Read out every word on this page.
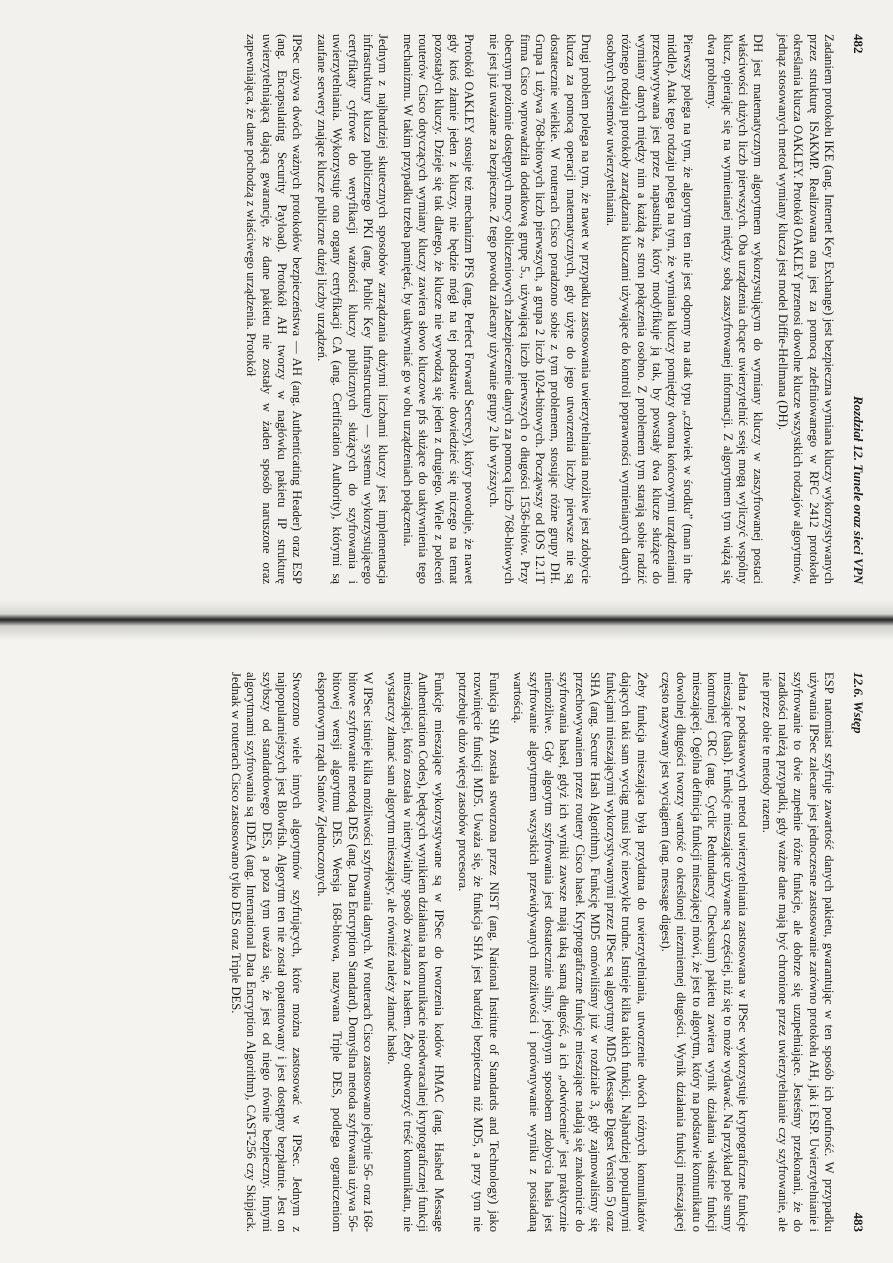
482
Rozdział 12. Tunele oraz sieci VPN

Zadaniem protokołu IKE (ang. Internet Key Exchange) jest bezpieczna wymiana kluczy wykorzystywanych przez strukturę ISAKMP. Realizowana ona jest za pomocą zdefiniowanego w RFC 2412 protokołu określania klucza OAKLEY. Protokół OAKLEY przenosi dowolne klucze wszystkich rodzajów algorytmów, jednąz stosowanych metod wymiany klucza jest model Diffie-Hellmana (DH).

DH jest matematycznym algorytmem wykorzystującym do wymiany kluczy w zaszyfrowanej postaci właściwości dużych liczb pierwszych. Oba urządzenia chcące uwierzytelnić sesję mogą wyliczyć wspólny klucz, opierając się na wymienianej między sobą zaszyfrowanej informacji. Z algorytmem tym wiążą się dwa problemy.

Pierwszy polega na tym, że algorytm ten nie jest odporny na atak typu „człowiek w środku” (man in the middle). Atak tego rodzaju polega na tym, że wymiana kluczy pomiędzy dwoma końcowymi urządzeniami przechwytywana jest przez napastnika, który modyfikuje ją tak, by powstały dwa klucze służące do wymiany danych między nim a każdą ze stron połączenia osobno. Z problemem tym starają sobie radzić różnego rodzaju protokoły zarządzania kluczami używające do kontroli poprawności wymienianych danych osobnych systemów uwierzytelniania.

Drugi problem polega na tym, że nawet w przypadku zastosowania uwierzytelniania możliwe jest zdobycie klucza za pomocą operacji matematycznych, gdy użyte do jego utworzenia liczby pierwsze nie są dostatecznie wielkie. W routerach Cisco poradzono sobie z tym problemem, stosując różne grupy DH. Grupa 1 używa 768-bitowych liczb pierwszych, a grupa 2 liczb 1024-bitowych. Począwszy od IOS 12.1T firma Cisco wprowadziła dodatkową grupę 5., używającą liczb pierwszych o długości 1536-bitów. Przy obecnym poziomie dostępnych mocy obliczeniowych zabezpieczenie danych za pomocą liczb 768-bitowych nie jest już uważane za bezpieczne. Z tego powodu zalecany używanie grupy 2 lub wyższych.

Protokół OAKLEY stosuje też mechanizm PFS (ang. Perfect Forward Secrecy), który powoduje, że nawet gdy ktoś złamie jeden z kluczy, nie będzie mógł na tej podstawie dowiedzieć się niczego na temat pozostałych kluczy. Dzieje się tak dlatego, że klucze nie wywodzą się jeden z drugiego. Wiele z poleceń routerów Cisco dotyczących wymiany kluczy zawiera słowo kluczowe pfs służące do uaktywnienia tego mechanizmu. W takim przypadku trzeba pamiętać, by uaktywniać go w obu urządzeniach połączenia.

Jednym z najbardziej skutecznych sposobów zarządzania dużymi liczbami kluczy jest implementacja infrastruktury klucza publicznego PKI (ang. Public Key Infrastructure) — systemu wykorzystującego certyfikaty cyfrowe do weryfikacji ważności kluczy publicznych służących do szyfrowania i uwierzytelniania. Wykorzystuje ona organy certyfikacji CA (ang. Certification Authority), którymi są zaufane serwery znające klucze publiczne dużej liczby urządzeń.

IPSec używa dwóch ważnych protokołów bezpieczeństwa — AH (ang. Authenticating Header) oraz ESP (ang. Encapsulating Security Payload). Protokół AH tworzy w nagłówku pakietu IP strukturę uwierzytelniającą dającą gwarancję, że dane pakietu nie zostały w żaden sposób naruszone oraz zapewniająca, że dane pochodzą z właściwego urządzenia. Protokół

12.6. Wstęp
483

ESP natomiast szyfruje zawartość danych pakietu, gwarantując w ten sposób ich poufność. W przypadku używania IPSec zalecane jest jednoczesne zastosowanie zarówno protokołu AH, jak i ESP. Uwierzytelnianie i szyfrowanie to dwie zupełnie różne funkcje, ale dobrze się uzupełniające. Jesteśmy przekonani, że do rzadkości należą przypadki, gdy ważne dane mają być chronione przez uwierzytelnianie czy szyfrowanie, ale nie przez obie te metody razem.

Jedna z podstawowych metod uwierzytelniania zastosowana w IPSec wykorzystuje kryptograficzne funkcje mieszające (hash). Funkcje mieszające używane są częściej, niż się to może wydawać. Na przykład pole sumy kontrolnej CRC (ang. Cyclic Redundancy Checksum) pakietu zawiera wynik działania właśnie funkcji mieszającej. Ogólna definicja funkcji mieszającej mówi, że jest to algorytm, który na podstawie komunikatu o dowolnej długości tworzy wartość o określonej niezmiennej długości. Wynik działania funkcji mieszającej często nazywany jest wyciągiem (ang. message digest).

Żeby funkcja mieszająca była przydatna do uwierzytelniania, utworzenie dwóch różnych komunikatów dających taki sam wyciąg musi być niezwykle trudne. Istnieje kilka takich funkcji. Najbardziej popularnymi funkcjami mieszającymi wykorzystywanymi przez IPSec są algorytmy MD5 (Message Digest Version 5) oraz SHA (ang. Secure Hash Algorithm). Funkcję MD5 omówiliśmy już w rozdziale 3, gdy zajmowaliśmy się przechowywaniem przez routery Cisco haseł. Kryptograficzne funkcje mieszające nadają się znakomicie do szyfrowania haseł, gdyż ich wyniki zawsze mają taką samą długość, a ich „odwrócenie” jest praktycznie niemożliwe. Gdy algorytm szyfrowania jest dostatecznie silny, jedynym sposobem zdobycia hasła jest szyfrowanie algorytmem wszystkich przewidywanych możliwości i porównywanie wyniku z posiadaną wartością.

Funkcja SHA została stworzona przez NIST (ang. National Institute of Standards and Technology) jako rozwinięcie funkcji MD5. Uważa się, że funkcja SHA jest bardziej bezpieczna niż MD5, a przy tym nie potrzebuje dużo więcej zasobów procesora.

Funkcje mieszające wykorzystywane są w IPSec do tworzenia kodów HMAC (ang. Hashed Message Authentication Codes), będących wynikiem działania na komunikacie nieodwracalnej kryptograficznej funkcji mieszającej, która została w nietrywialny sposób związana z hasłem. Żeby odtworzyć treść komunikatu, nie wystarczy złamać sam algorytm mieszający, ale również należy złamać hasło.

W IPSec istnieje kilka możliwości szyfrowania danych. W routerach Cisco zastosowano jedynie 56- oraz 168-bitowe szyfrowanie metodą DES (ang. Data Encryption Standard). Domyślna metoda szyfrowania używa 56-bitowej wersji algorytmu DES. Wersja 168-bitowa, nazywana Triple DES, podlega ograniczeniom eksportowym rządu Stanów Zjednoczonych.

Stworzono wiele innych algorytmów szyfrujących, które można zastosować w IPSec. Jednym z najpopularniejszych jest Blowfish. Algorytm ten nie został opatentowany i jest dostępny bezpłatnie. Jest on szybszy od standardowego DES, a poza tym uważa się, że jest od niego równie bezpieczny. Innymi algorytmami szyfrowania są IDEA (ang. International Data Encryption Algorithm), CAST-256 czy Skipjack. Jednak w routerach Cisco zastosowano tylko DES oraz Triple DES.
